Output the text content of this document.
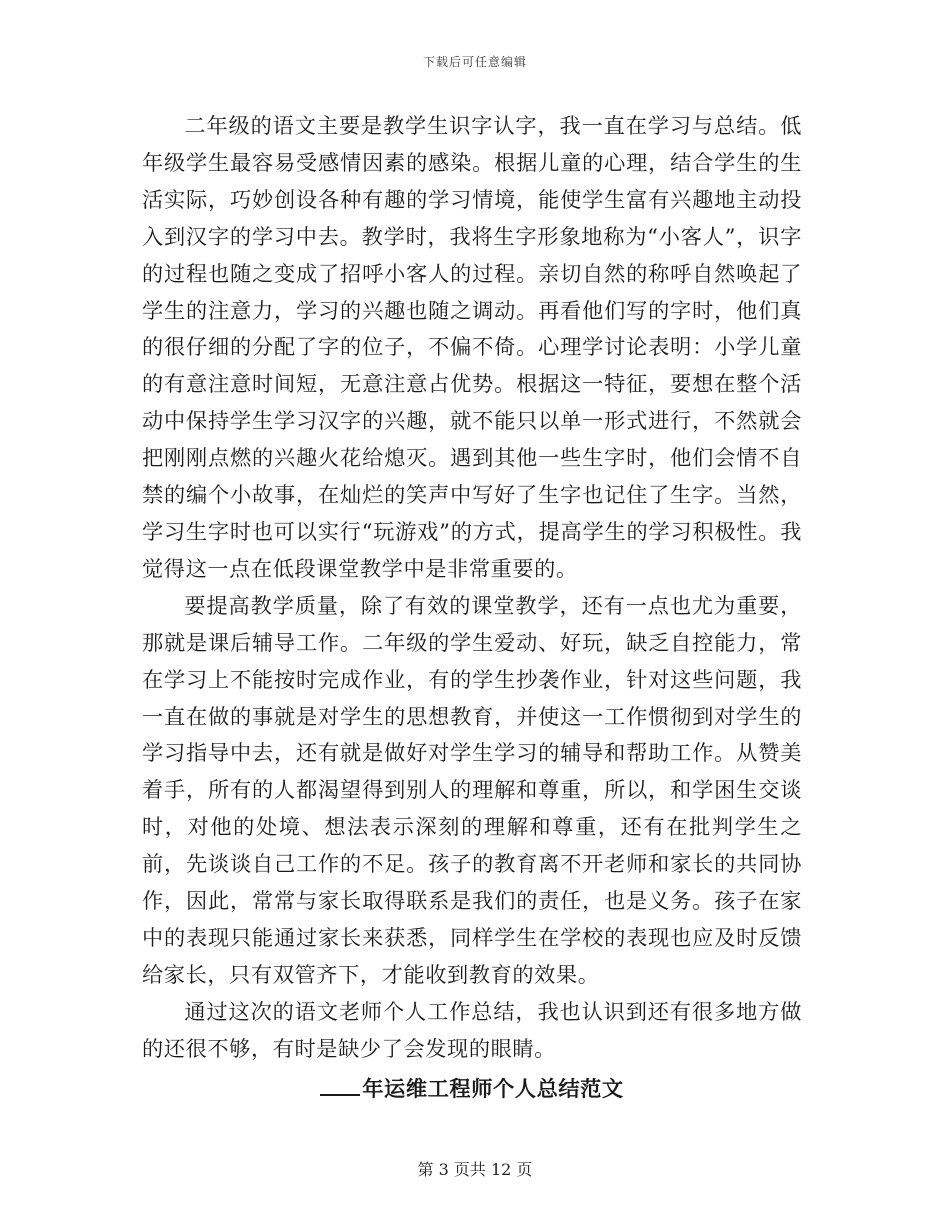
下载后可任意编辑

二年级的语文主要是教学生识字认字，我一直在学习与总结。低年级学生最容易受感情因素的感染。根据儿童的心理，结合学生的生活实际，巧妙创设各种有趣的学习情境，能使学生富有兴趣地主动投入到汉字的学习中去。教学时，我将生字形象地称为“小客人”，识字的过程也随之变成了招呼小客人的过程。亲切自然的称呼自然唤起了学生的注意力，学习的兴趣也随之调动。再看他们写的字时，他们真的很仔细的分配了字的位子，不偏不倚。心理学讨论表明：小学儿童的有意注意时间短，无意注意占优势。根据这一特征，要想在整个活动中保持学生学习汉字的兴趣，就不能只以单一形式进行，不然就会把刚刚点燃的兴趣火花给熄灭。遇到其他一些生字时，他们会情不自禁的编个小故事，在灿烂的笑声中写好了生字也记住了生字。当然，学习生字时也可以实行“玩游戏”的方式，提高学生的学习积极性。我觉得这一点在低段课堂教学中是非常重要的。

要提高教学质量，除了有效的课堂教学，还有一点也尤为重要，那就是课后辅导工作。二年级的学生爱动、好玩，缺乏自控能力，常在学习上不能按时完成作业，有的学生抄袭作业，针对这些问题，我一直在做的事就是对学生的思想教育，并使这一工作惯彻到对学生的学习指导中去，还有就是做好对学生学习的辅导和帮助工作。从赞美着手，所有的人都渴望得到别人的理解和尊重，所以，和学困生交谈时，对他的处境、想法表示深刻的理解和尊重，还有在批判学生之前，先谈谈自己工作的不足。孩子的教育离不开老师和家长的共同协作，因此，常常与家长取得联系是我们的责任，也是义务。孩子在家中的表现只能通过家长来获悉，同样学生在学校的表现也应及时反馈给家长，只有双管齐下，才能收到教育的效果。

通过这次的语文老师个人工作总结，我也认识到还有很多地方做的还很不够，有时是缺少了会发现的眼睛。

年运维工程师个人总结范文
第 3 页共 12 页
